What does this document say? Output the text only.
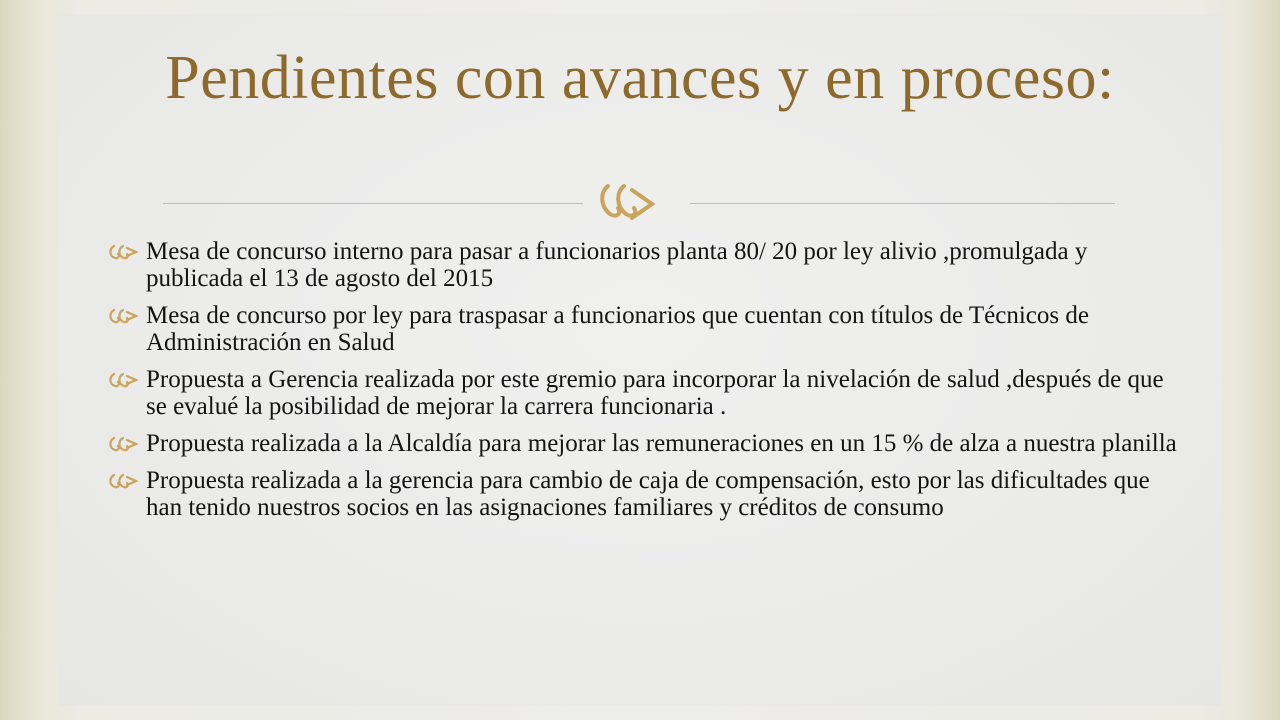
Pendientes con avances y en proceso:
Mesa de concurso interno para pasar a funcionarios planta 80/ 20 por ley alivio ,promulgada y publicada el 13 de agosto del 2015
Mesa de concurso por ley para traspasar a funcionarios que cuentan con títulos de Técnicos de Administración en Salud
Propuesta a Gerencia realizada por este gremio para incorporar la nivelación de salud ,después de que se evalué la posibilidad de mejorar la carrera funcionaria .
Propuesta realizada a la Alcaldía para mejorar las remuneraciones en un 15 % de alza a nuestra planilla
Propuesta realizada a la gerencia para cambio de caja de compensación, esto por las dificultades que han tenido nuestros socios en las asignaciones familiares y créditos de consumo
